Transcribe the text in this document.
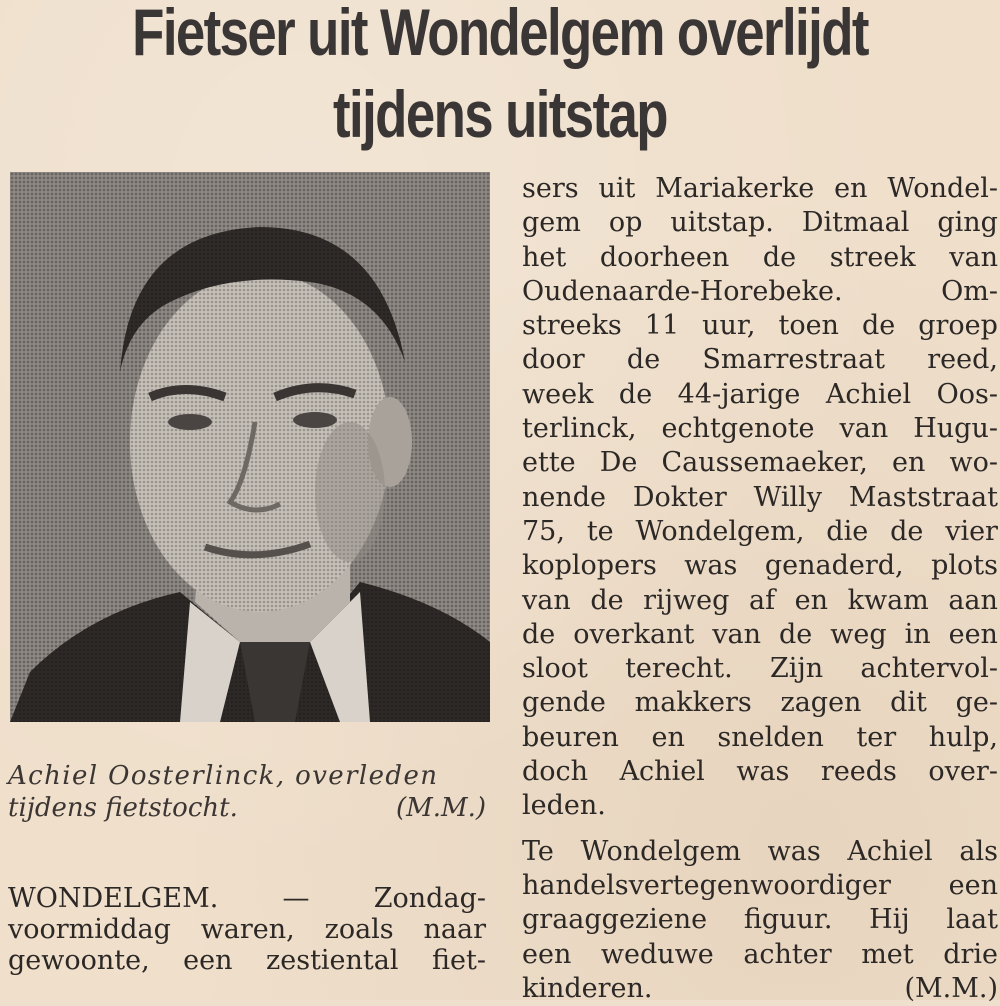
Fietser uit Wondelgem overlijdt
tijdens uitstap
Achiel Oosterlinck, overleden
tijdens fietstocht.	(M.M.)
WONDELGEM. — Zondag-
voormiddag waren, zoals naar
gewoonte, een zestiental fiet-
sers uit Mariakerke en Wondel-
gem op uitstap. Ditmaal ging
het doorheen de streek van
Oudenaarde-Horebeke.	Om-
streeks 11 uur, toen de groep
door de Smarrestraat reed,
week de 44-jarige Achiel Oos-
terlinck, echtgenote van Hugu-
ette De Caussemaeker, en wo-
nende Dokter Willy Maststraat
75, te Wondelgem, die de vier
koplopers was genaderd, plots
van de rijweg af en kwam aan
de overkant van de weg in een
sloot terecht. Zijn achtervol-
gende makkers zagen dit ge-
beuren en snelden ter hulp,
doch Achiel was reeds over-
leden.
Te Wondelgem was Achiel als
handelsvertegenwoordiger een
graaggeziene figuur. Hij laat
een weduwe achter met drie
kinderen.	(M.M.)
